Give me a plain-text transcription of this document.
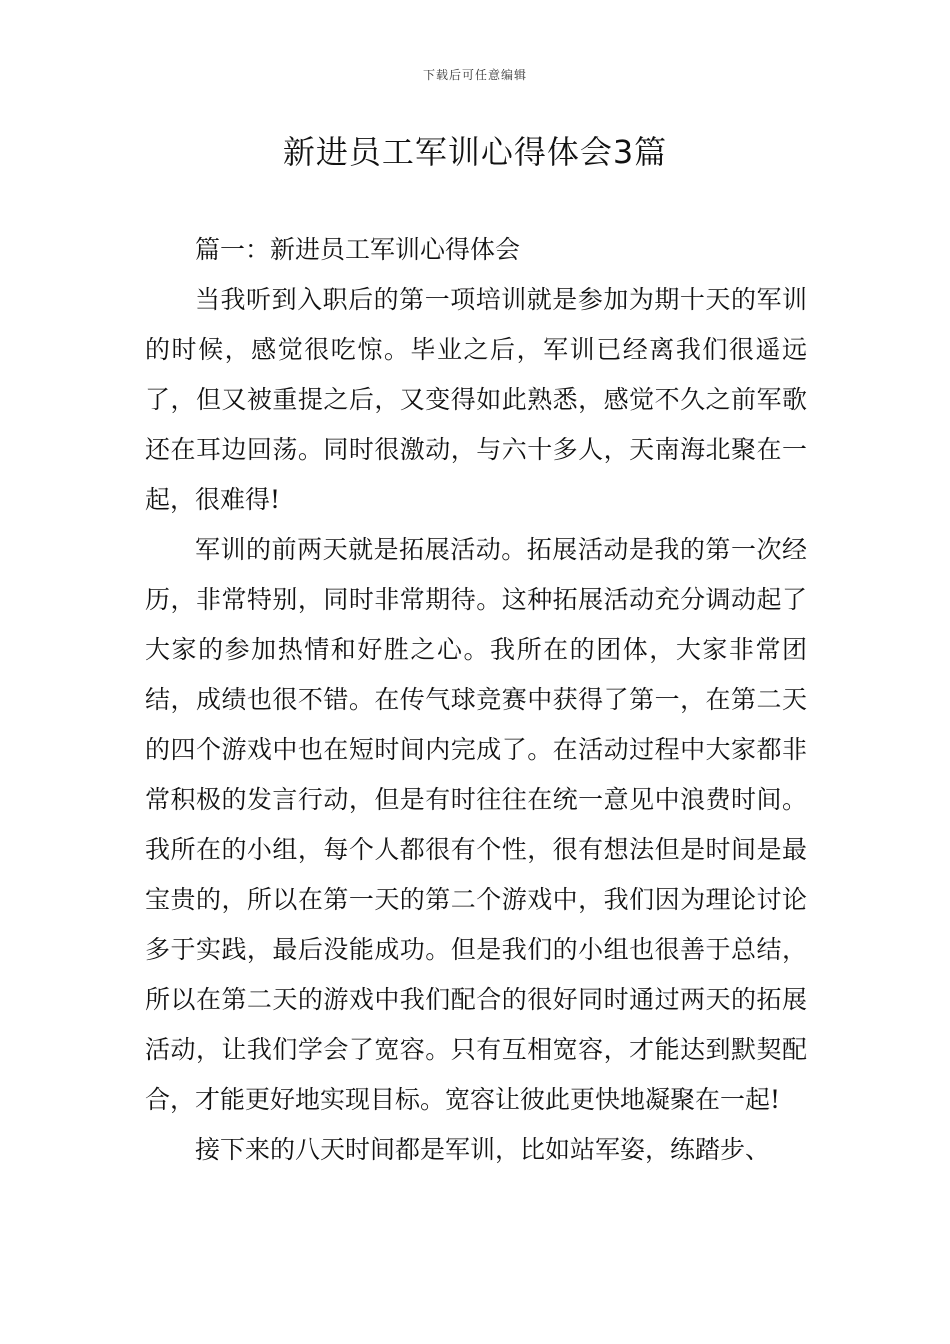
下载后可任意编辑
新进员工军训心得体会3篇
篇一：新进员工军训心得体会

当我听到入职后的第一项培训就是参加为期十天的军训的时候，感觉很吃惊。毕业之后，军训已经离我们很遥远了，但又被重提之后，又变得如此熟悉，感觉不久之前军歌还在耳边回荡。同时很激动，与六十多人，天南海北聚在一起，很难得!

军训的前两天就是拓展活动。拓展活动是我的第一次经历，非常特别，同时非常期待。这种拓展活动充分调动起了大家的参加热情和好胜之心。我所在的团体，大家非常团结，成绩也很不错。在传气球竞赛中获得了第一，在第二天的四个游戏中也在短时间内完成了。在活动过程中大家都非常积极的发言行动，但是有时往往在统一意见中浪费时间。我所在的小组，每个人都很有个性，很有想法但是时间是最宝贵的，所以在第一天的第二个游戏中，我们因为理论讨论多于实践，最后没能成功。但是我们的小组也很善于总结，所以在第二天的游戏中我们配合的很好同时通过两天的拓展活动，让我们学会了宽容。只有互相宽容，才能达到默契配合，才能更好地实现目标。宽容让彼此更快地凝聚在一起!

接下来的八天时间都是军训，比如站军姿，练踏步、
